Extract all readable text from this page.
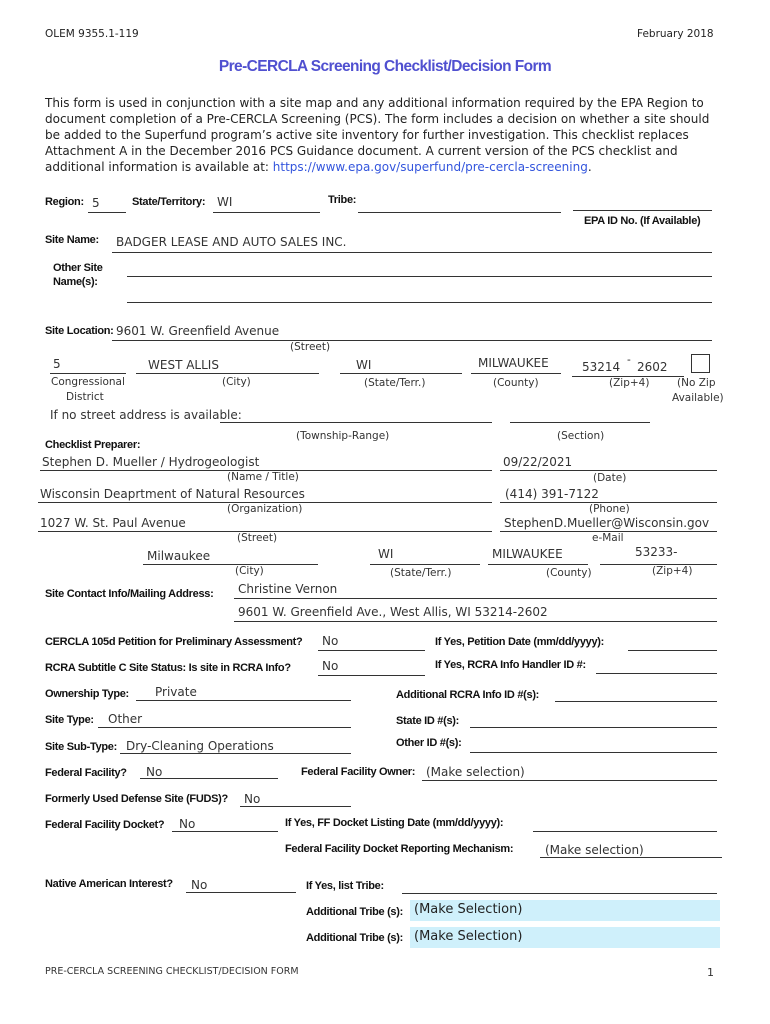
OLEM 9355.1-119	February 2018
Pre-CERCLA Screening Checklist/Decision Form
This form is used in conjunction with a site map and any additional information required by the EPA Region to document completion of a Pre-CERCLA Screening (PCS). The form includes a decision on whether a site should be added to the Superfund program’s active site inventory for further investigation. This checklist replaces Attachment A in the December 2016 PCS Guidance document. A current version of the PCS checklist and additional information is available at: https://www.epa.gov/superfund/pre-cercla-screening.
Region: 5	State/Territory: WI	Tribe:
EPA ID No. (If Available)
Site Name: BADGER LEASE AND AUTO SALES INC.
Other Site
Name(s):
Site Location: 9601 W. Greenfield Avenue
(Street)
5	WEST ALLIS	WI	MILWAUKEE	53214 - 2602
Congressional
District
(City)	(State/Terr.)	(County)	(Zip+4)	(No Zip
Available)
If no street address is available:
(Township-Range)	(Section)
Checklist Preparer:
Stephen D. Mueller / Hydrogeologist	09/22/2021
(Name / Title)	(Date)
Wisconsin Deaprtment of Natural Resources	(414) 391-7122
(Organization)	(Phone)
1027 W. St. Paul Avenue	StephenD.Mueller@Wisconsin.gov
(Street)	e-Mail
Milwaukee	WI	MILWAUKEE	53233-
(City)	(State/Terr.)	(County)	(Zip+4)
Site Contact Info/Mailing Address: Christine Vernon
9601 W. Greenfield Ave., West Allis, WI 53214-2602
CERCLA 105d Petition for Preliminary Assessment? No	If Yes, Petition Date (mm/dd/yyyy):
RCRA Subtitle C Site Status: Is site in RCRA Info?	No	If Yes, RCRA Info Handler ID #:
Ownership Type: Private	Additional RCRA Info ID #(s):
Site Type: Other	State ID #(s):
Site Sub-Type: Dry-Cleaning Operations	Other ID #(s):
Federal Facility? No	Federal Facility Owner: (Make selection)
Formerly Used Defense Site (FUDS)? No
Federal Facility Docket? No	If Yes, FF Docket Listing Date (mm/dd/yyyy):
Federal Facility Docket Reporting Mechanism:	(Make selection)
Native American Interest? No	If Yes, list Tribe:
Additional Tribe (s): (Make Selection)
Additional Tribe (s): (Make Selection)
PRE-CERCLA SCREENING CHECKLIST/DECISION FORM	1
